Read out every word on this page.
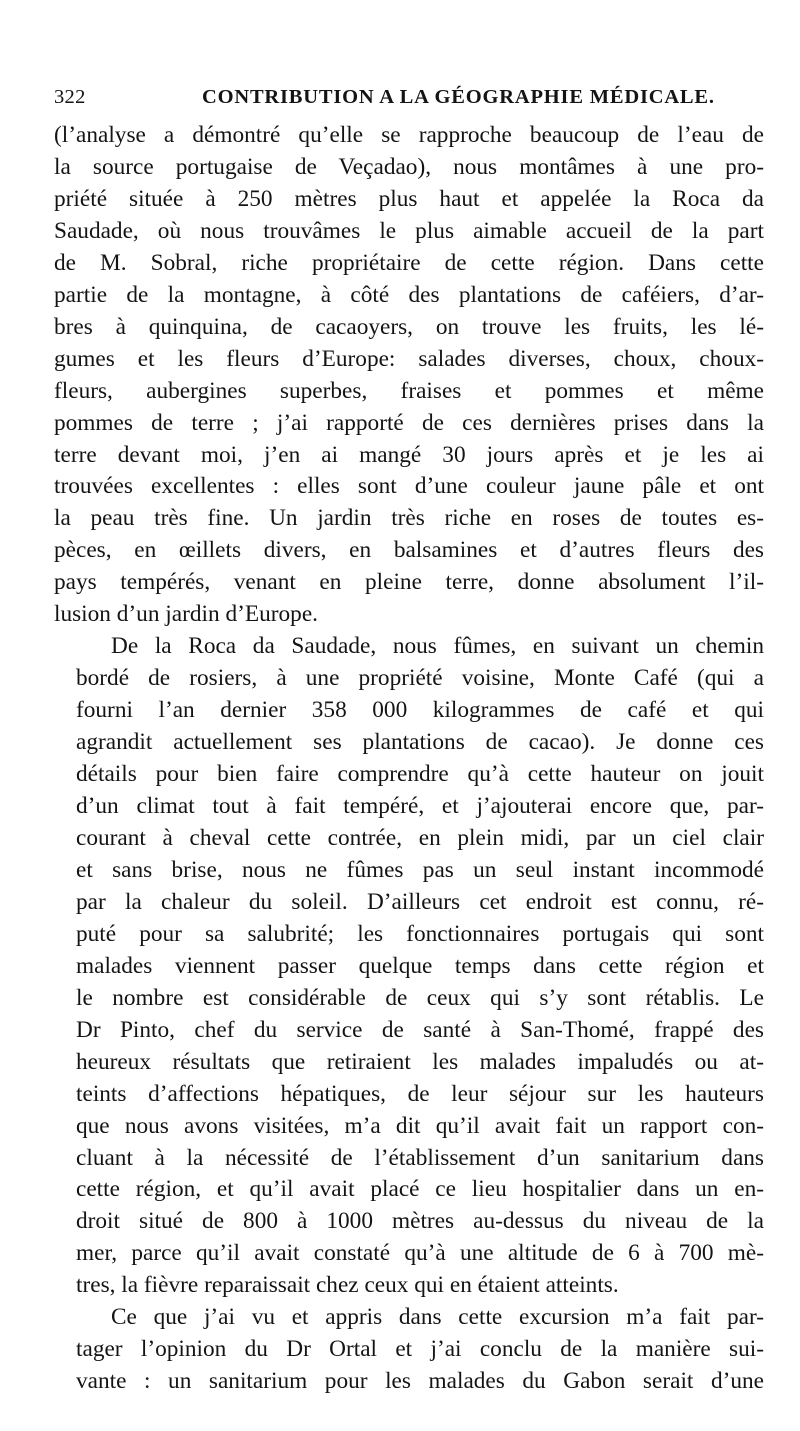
322	CONTRIBUTION A LA GÉOGRAPHIE MÉDICALE.
(l’analyse a démontré qu’elle se rapproche beaucoup de l’eau de
la source portugaise de Veçadao), nous montâmes à une pro-
priété située à 250 mètres plus haut et appelée la Roca da
Saudade, où nous trouvâmes le plus aimable accueil de la part
de M. Sobral, riche propriétaire de cette région. Dans cette
partie de la montagne, à côté des plantations de caféiers, d’ar-
bres à quinquina, de cacaoyers, on trouve les fruits, les lé-
gumes et les fleurs d’Europe: salades diverses, choux, choux-
fleurs, aubergines superbes, fraises et pommes et même
pommes de terre ; j’ai rapporté de ces dernières prises dans la
terre devant moi, j’en ai mangé 30 jours après et je les ai
trouvées excellentes : elles sont d’une couleur jaune pâle et ont
la peau très fine. Un jardin très riche en roses de toutes es-
pèces, en œillets divers, en balsamines et d’autres fleurs des
pays tempérés, venant en pleine terre, donne absolument l’il-
lusion d’un jardin d’Europe.
De la Roca da Saudade, nous fûmes, en suivant un chemin
bordé de rosiers, à une propriété voisine, Monte Café (qui a
fourni l’an dernier 358 000 kilogrammes de café et qui
agrandit actuellement ses plantations de cacao). Je donne ces
détails pour bien faire comprendre qu’à cette hauteur on jouit
d’un climat tout à fait tempéré, et j’ajouterai encore que, par-
courant à cheval cette contrée, en plein midi, par un ciel clair
et sans brise, nous ne fûmes pas un seul instant incommodé
par la chaleur du soleil. D’ailleurs cet endroit est connu, ré-
puté pour sa salubrité; les fonctionnaires portugais qui sont
malades viennent passer quelque temps dans cette région et
le nombre est considérable de ceux qui s’y sont rétablis. Le
Dr Pinto, chef du service de santé à San-Thomé, frappé des
heureux résultats que retiraient les malades impaludés ou at-
teints d’affections hépatiques, de leur séjour sur les hauteurs
que nous avons visitées, m’a dit qu’il avait fait un rapport con-
cluant à la nécessité de l’établissement d’un sanitarium dans
cette région, et qu’il avait placé ce lieu hospitalier dans un en-
droit situé de 800 à 1000 mètres au-dessus du niveau de la
mer, parce qu’il avait constaté qu’à une altitude de 6 à 700 mè-
tres, la fièvre reparaissait chez ceux qui en étaient atteints.
Ce que j’ai vu et appris dans cette excursion m’a fait par-
tager l’opinion du Dr Ortal et j’ai conclu de la manière sui-
vante : un sanitarium pour les malades du Gabon serait d’une
